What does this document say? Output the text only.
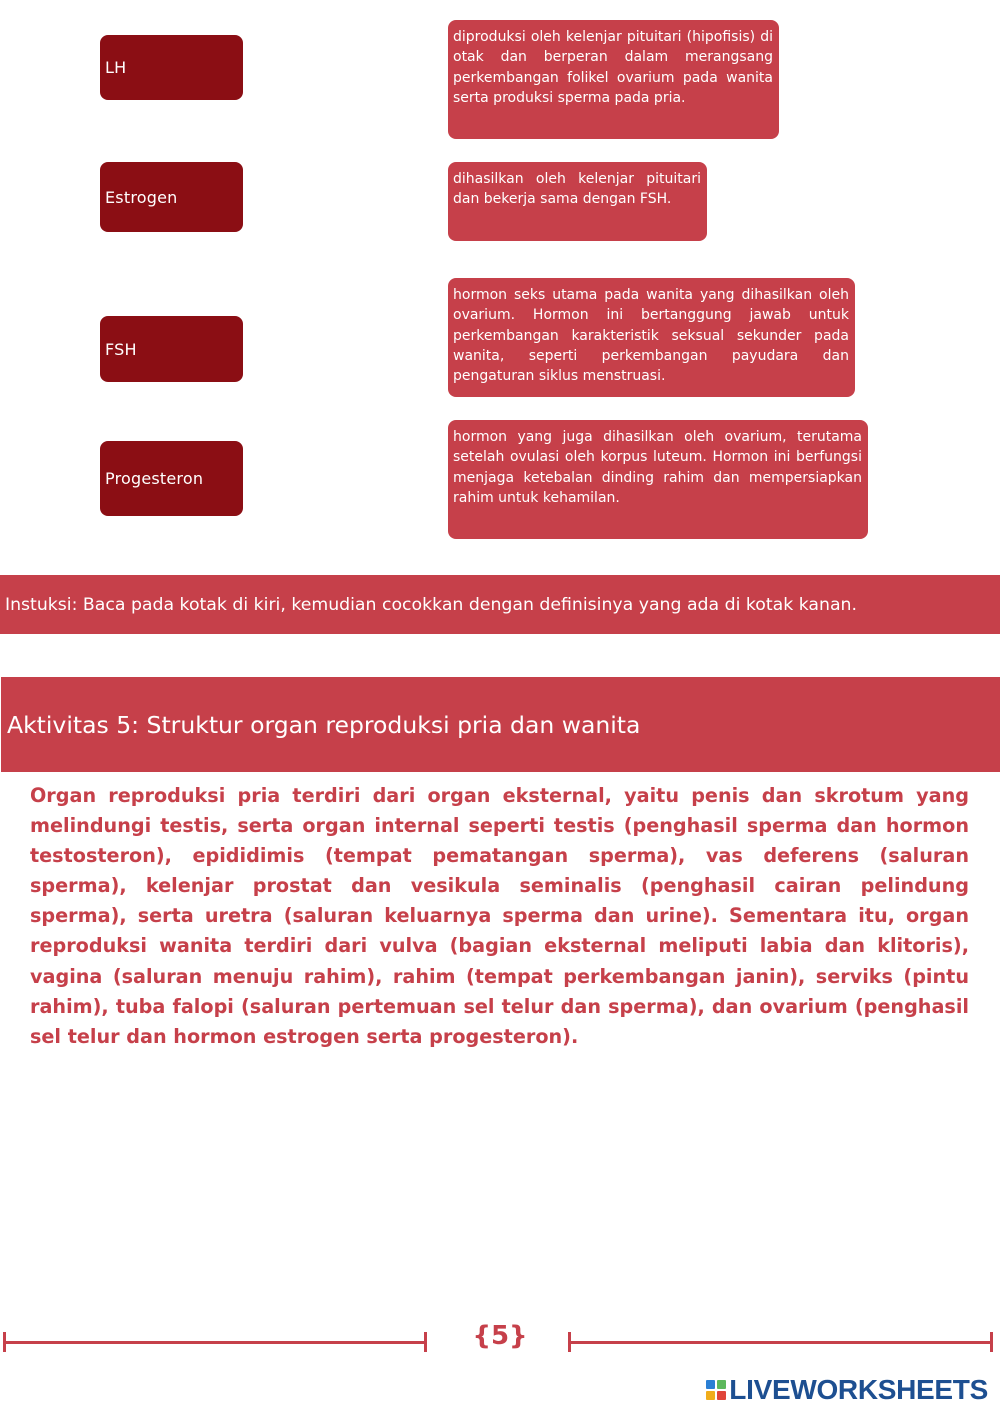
LH
Estrogen
FSH
Progesteron
diproduksi oleh kelenjar pituitari (hipofisis) di otak dan berperan dalam merangsang perkembangan folikel ovarium pada wanita serta produksi sperma pada pria.
dihasilkan oleh kelenjar pituitari dan bekerja sama dengan FSH.
hormon seks utama pada wanita yang dihasilkan oleh ovarium. Hormon ini bertanggung jawab untuk perkembangan karakteristik seksual sekunder pada wanita, seperti perkembangan payudara dan pengaturan siklus menstruasi.
hormon yang juga dihasilkan oleh ovarium, terutama setelah ovulasi oleh korpus luteum. Hormon ini berfungsi menjaga ketebalan dinding rahim dan mempersiapkan rahim untuk kehamilan.
Instuksi: Baca pada kotak di kiri, kemudian cocokkan dengan definisinya yang ada di kotak kanan.
Aktivitas 5: Struktur organ reproduksi pria dan wanita

Organ reproduksi pria terdiri dari organ eksternal, yaitu penis dan skrotum yang melindungi testis, serta organ internal seperti testis (penghasil sperma dan hormon testosteron), epididimis (tempat pematangan sperma), vas deferens (saluran sperma), kelenjar prostat dan vesikula seminalis (penghasil cairan pelindung sperma), serta uretra (saluran keluarnya sperma dan urine). Sementara itu, organ reproduksi wanita terdiri dari vulva (bagian eksternal meliputi labia dan klitoris), vagina (saluran menuju rahim), rahim (tempat perkembangan janin), serviks (pintu rahim), tuba falopi (saluran pertemuan sel telur dan sperma), dan ovarium (penghasil sel telur dan hormon estrogen serta progesteron).

{5}
LIVEWORKSHEETS
